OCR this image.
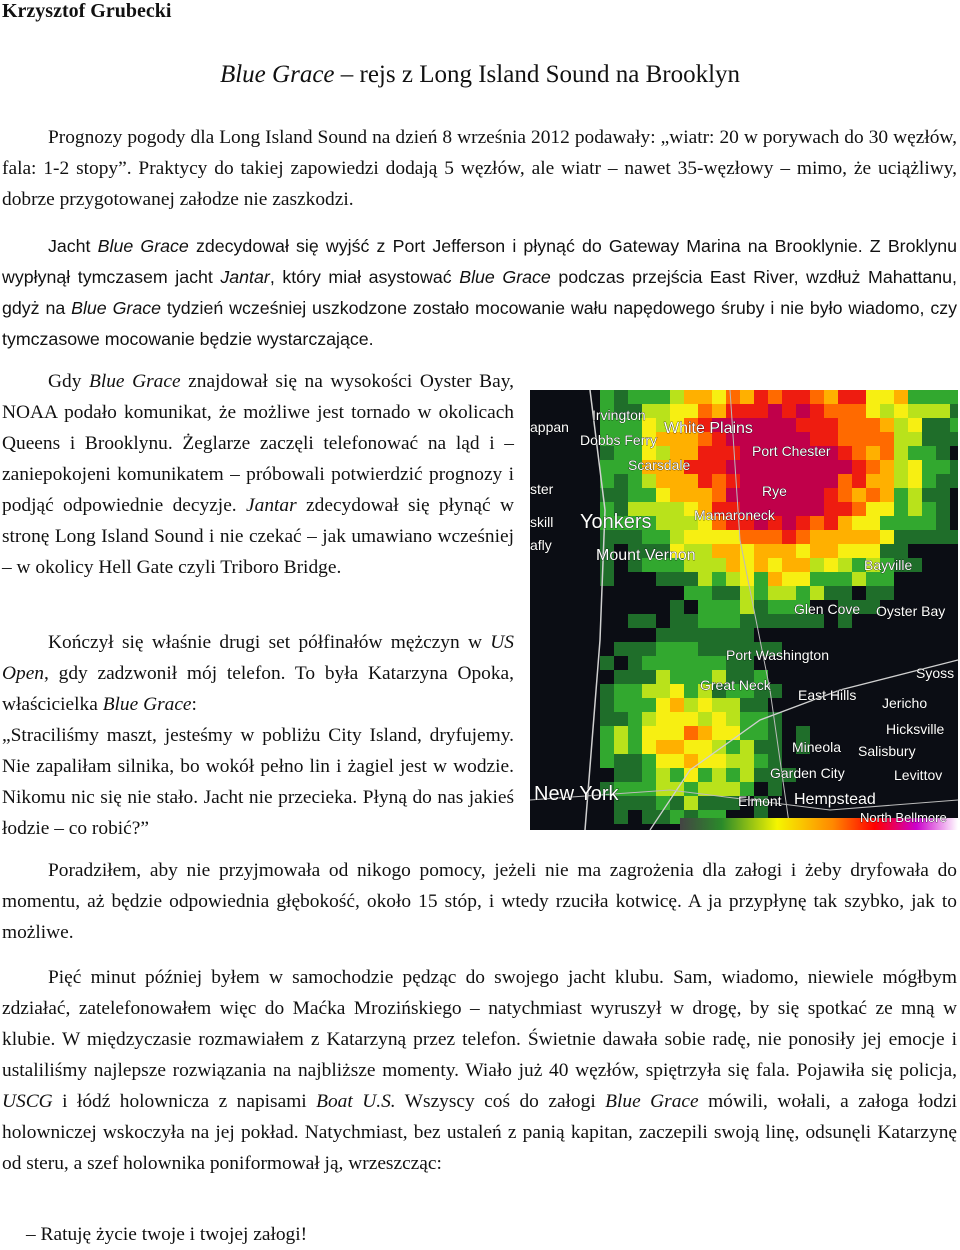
Krzysztof Grubecki
Blue Grace – rejs z Long Island Sound na Brooklyn

Prognozy pogody dla Long Island Sound na dzień 8 września 2012 podawały: „wiatr: 20 w porywach do 30 węzłów, fala: 1-2 stopy”. Praktycy do takiej zapowiedzi dodają 5 węzłów, ale wiatr – nawet 35-węzłowy – mimo, że uciążliwy, dobrze przygotowanej załodze nie zaszkodzi.

Jacht Blue Grace zdecydował się wyjść z Port Jefferson i płynąć do Gateway Marina na Brooklynie. Z Broklynu wypłynął tymczasem jacht Jantar, który miał asystować Blue Grace podczas przejścia East River, wzdłuż Mahattanu, gdyż na Blue Grace tydzień wcześniej uszkodzone zostało mocowanie wału napędowego śruby i nie było wiadomo, czy tymczasowe mocowanie będzie wystarczające.

Gdy Blue Grace znajdował się na wysokości Oyster Bay, NOAA podało komunikat, że możliwe jest tornado w okolicach Queens i Brooklynu. Żeglarze zaczęli telefonować na ląd i – zaniepokojeni komunikatem – próbowali potwierdzić prognozy i podjąć odpowiednie decyzje. Jantar zdecydował się płynąć w stronę Long Island Sound i nie czekać – jak umawiano wcześniej – w okolicy Hell Gate czyli Triboro Bridge.

Kończył się właśnie drugi set półfinałów mężczyn w US Open, gdy zadzwonił mój telefon. To była Katarzyna Opoka, właścicielka Blue Grace:
„Straciliśmy maszt, jesteśmy w pobliżu City Island, dryfujemy. Nie zapaliłam silnika, bo wokół pełno lin i żagiel jest w wodzie. Nikomu nic się nie stało. Jacht nie przecieka. Płyną do nas jakieś łodzie – co robić?”

Irvington
White Plains
Dobbs Ferry
Port Chester
Scarsdale
Rye
Mamaroneck
Yonkers
Mount Vernon
Bayville
Glen Cove Oyster Bay
Port Washington
Great Neck
East Hills Jericho
Syoss
Hicksville
Mineola Salisbury
Garden City	Levittov
New York	Elmont Hempstead
North Bellmore
appan
ster
skill
afly

Poradziłem, aby nie przyjmowała od nikogo pomocy, jeżeli nie ma zagrożenia dla załogi i żeby dryfowała do momentu, aż będzie odpowiednia głębokość, około 15 stóp, i wtedy rzuciła kotwicę. A ja przypłynę tak szybko, jak to możliwe.

Pięć minut później byłem w samochodzie pędząc do swojego jacht klubu. Sam, wiadomo, niewiele mógłbym zdziałać, zatelefonowałem więc do Maćka Mrozińskiego – natychmiast wyruszył w drogę, by się spotkać ze mną w klubie. W międzyczasie rozmawiałem z Katarzyną przez telefon. Świetnie dawała sobie radę, nie ponosiły jej emocje i ustaliliśmy najlepsze rozwiązania na najbliższe momenty. Wiało już 40 węzłów, spiętrzyła się fala. Pojawiła się policja, USCG i łódź holownicza z napisami Boat U.S. Wszyscy coś do załogi Blue Grace mówili, wołali, a załoga łodzi holowniczej wskoczyła na jej pokład. Natychmiast, bez ustaleń z panią kapitan, zaczepili swoją linę, odsunęli Katarzynę od steru, a szef holownika poniformował ją, wrzeszcząc:

– Ratuję życie twoje i twojej załogi!
